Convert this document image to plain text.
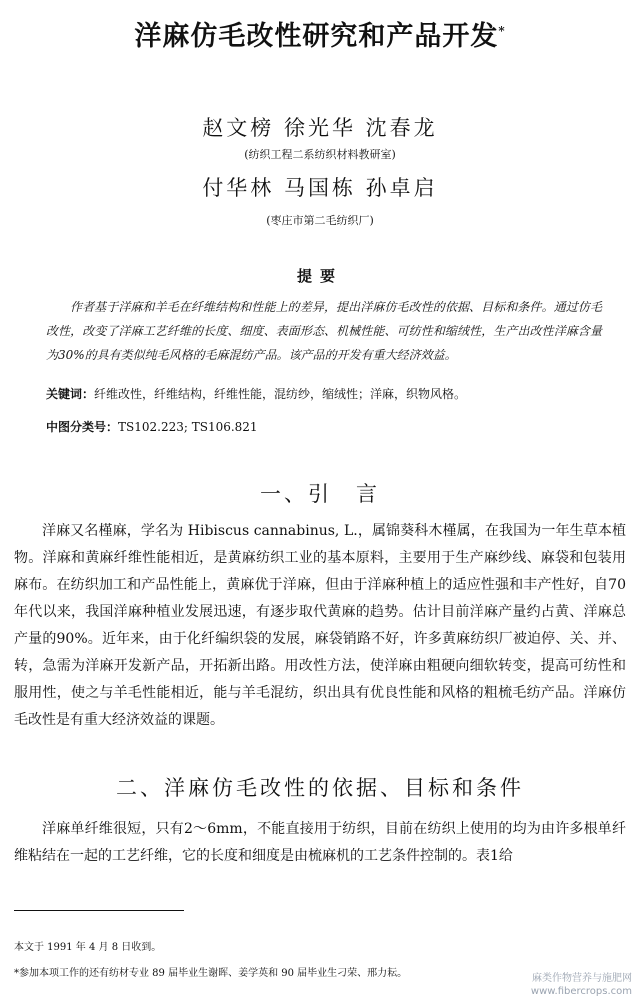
洋麻仿毛改性研究和产品开发*
赵文榜 徐光华 沈春龙
(纺织工程二系纺织材料教研室)
付华林 马国栋 孙卓启
(枣庄市第二毛纺织厂)
提要
作者基于洋麻和羊毛在纤维结构和性能上的差异，提出洋麻仿毛改性的依据、目标和条件。通过仿毛改性，改变了洋麻工艺纤维的长度、细度、表面形态、机械性能、可纺性和缩绒性，生产出改性洋麻含量为30%的具有类似纯毛风格的毛麻混纺产品。该产品的开发有重大经济效益。
关键词：纤维改性，纤维结构，纤维性能，混纺纱，缩绒性；洋麻，织物风格。
中图分类号：TS102.223; TS106.821
一、引　言
洋麻又名槿麻，学名为 Hibiscus cannabinus, L.，属锦葵科木槿属，在我国为一年生草本植物。洋麻和黄麻纤维性能相近，是黄麻纺织工业的基本原料，主要用于生产麻纱线、麻袋和包装用麻布。在纺织加工和产品性能上，黄麻优于洋麻，但由于洋麻种植上的适应性强和丰产性好，自70年代以来，我国洋麻种植业发展迅速，有逐步取代黄麻的趋势。估计目前洋麻产量约占黄、洋麻总产量的90%。近年来，由于化纤编织袋的发展，麻袋销路不好，许多黄麻纺织厂被迫停、关、并、转，急需为洋麻开发新产品，开拓新出路。用改性方法，使洋麻由粗硬向细软转变，提高可纺性和服用性，使之与羊毛性能相近，能与羊毛混纺，织出具有优良性能和风格的粗梳毛纺产品。洋麻仿毛改性是有重大经济效益的课题。
二、洋麻仿毛改性的依据、目标和条件
洋麻单纤维很短，只有2～6mm，不能直接用于纺织，目前在纺织上使用的均为由许多根单纤维粘结在一起的工艺纤维，它的长度和细度是由梳麻机的工艺条件控制的。表1给
本文于 1991 年 4 月 8 日收到。
*参加本项工作的还有纺材专业 89 届毕业生谢晖、姜学英和 90 届毕业生刁荣、邢力耘。	麻类作物营养与施肥网
www.fibercrops.com
